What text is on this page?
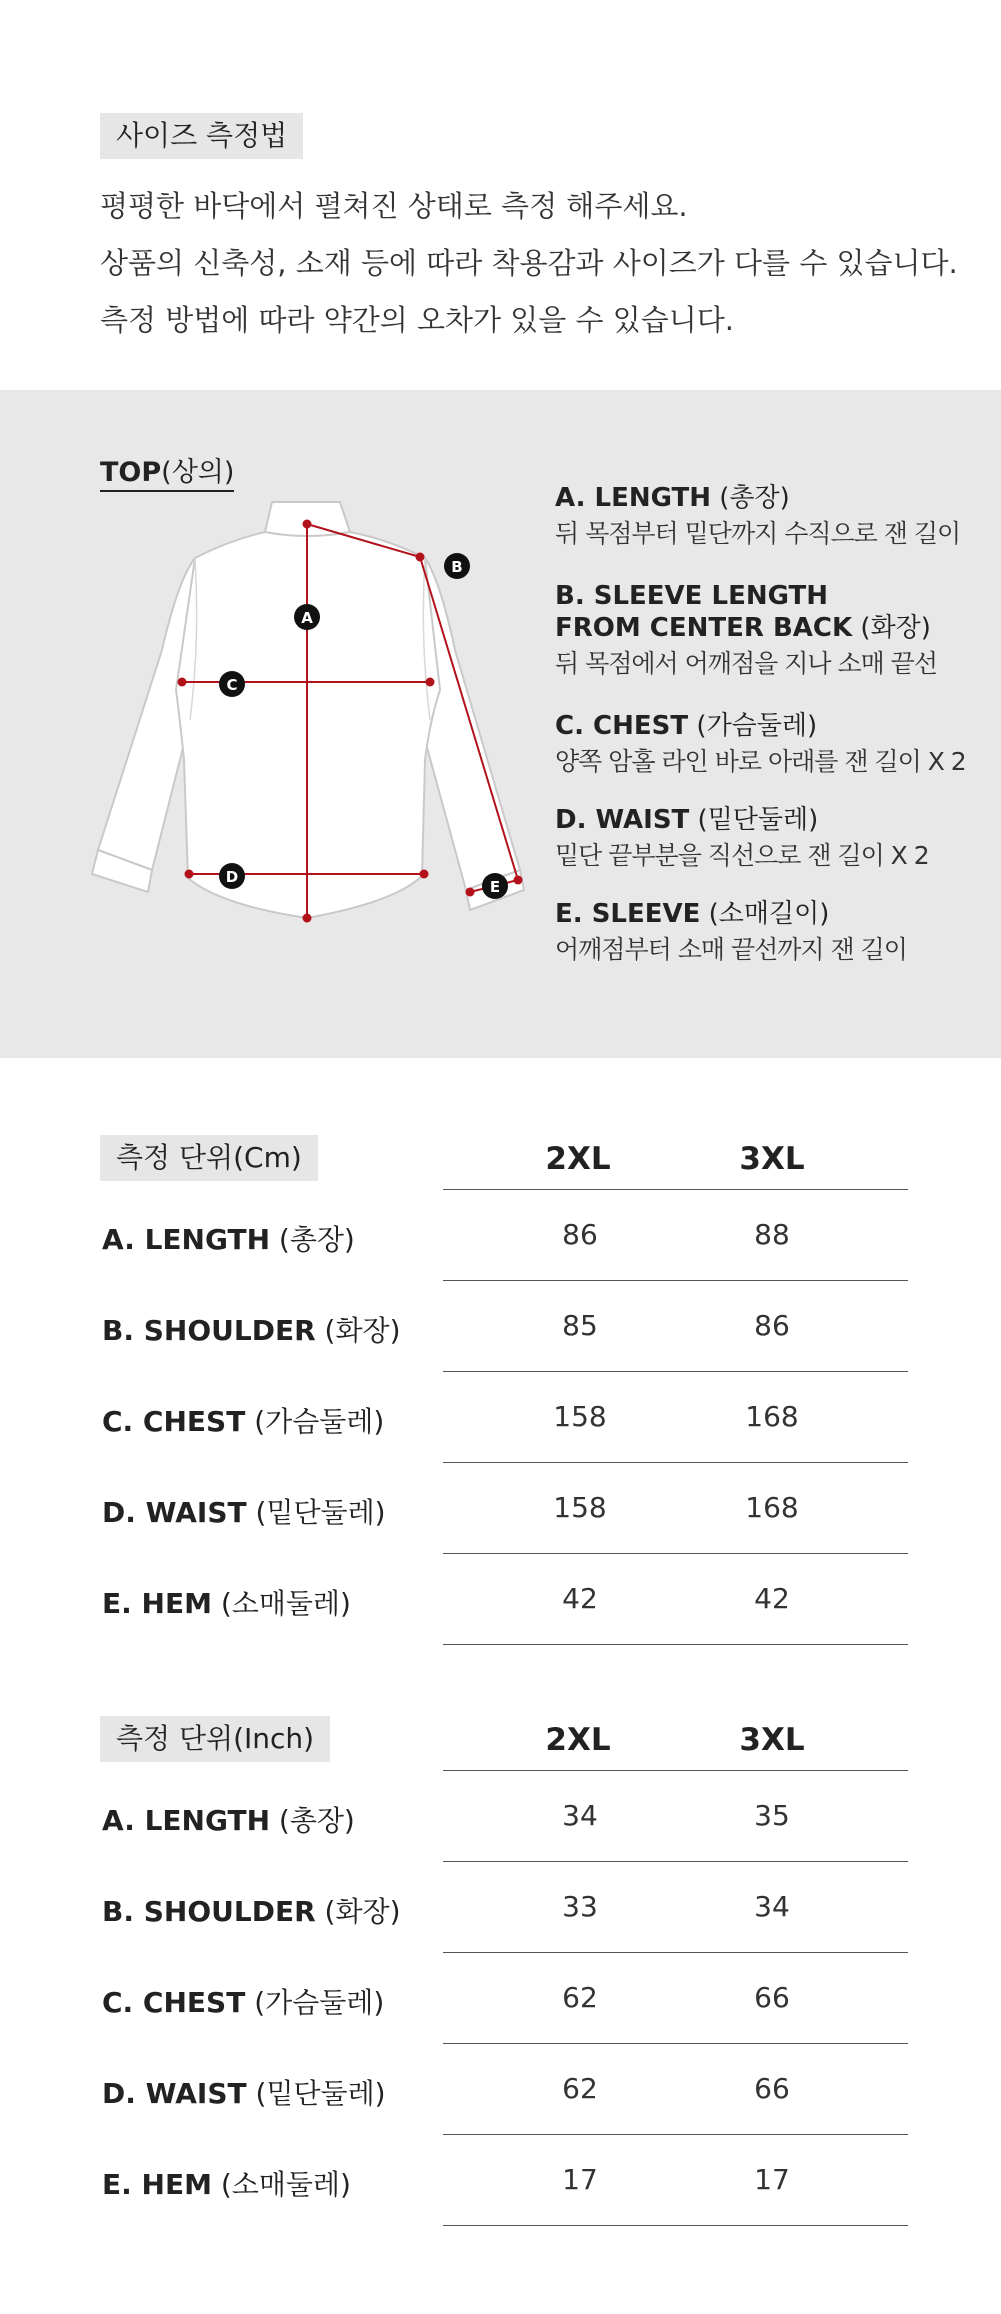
사이즈 측정법
평평한 바닥에서 펼쳐진 상태로 측정 해주세요.
상품의 신축성, 소재 등에 따라 착용감과 사이즈가 다를 수 있습니다.
측정 방법에 따라 약간의 오차가 있을 수 있습니다.
TOP(상의)
A
B
C
D
E
A. LENGTH (총장)
뒤 목점부터 밑단까지 수직으로 잰 길이
B. SLEEVE LENGTH
FROM CENTER BACK (화장)
뒤 목점에서 어깨점을 지나 소매 끝선
C. CHEST (가슴둘레)
양쪽 암홀 라인 바로 아래를 잰 길이 X 2
D. WAIST (밑단둘레)
밑단 끝부분을 직선으로 잰 길이 X 2
E. SLEEVE (소매길이)
어깨점부터 소매 끝선까지 잰 길이
측정 단위(Cm)	2XL	3XL
A. LENGTH (총장)	86	88
B. SHOULDER (화장)	85	86
C. CHEST (가슴둘레)	158	168
D. WAIST (밑단둘레)	158	168
E. HEM (소매둘레)	42	42
측정 단위(Inch)	2XL	3XL
A. LENGTH (총장)	34	35
B. SHOULDER (화장)	33	34
C. CHEST (가슴둘레)	62	66
D. WAIST (밑단둘레)	62	66
E. HEM (소매둘레)	17	17
